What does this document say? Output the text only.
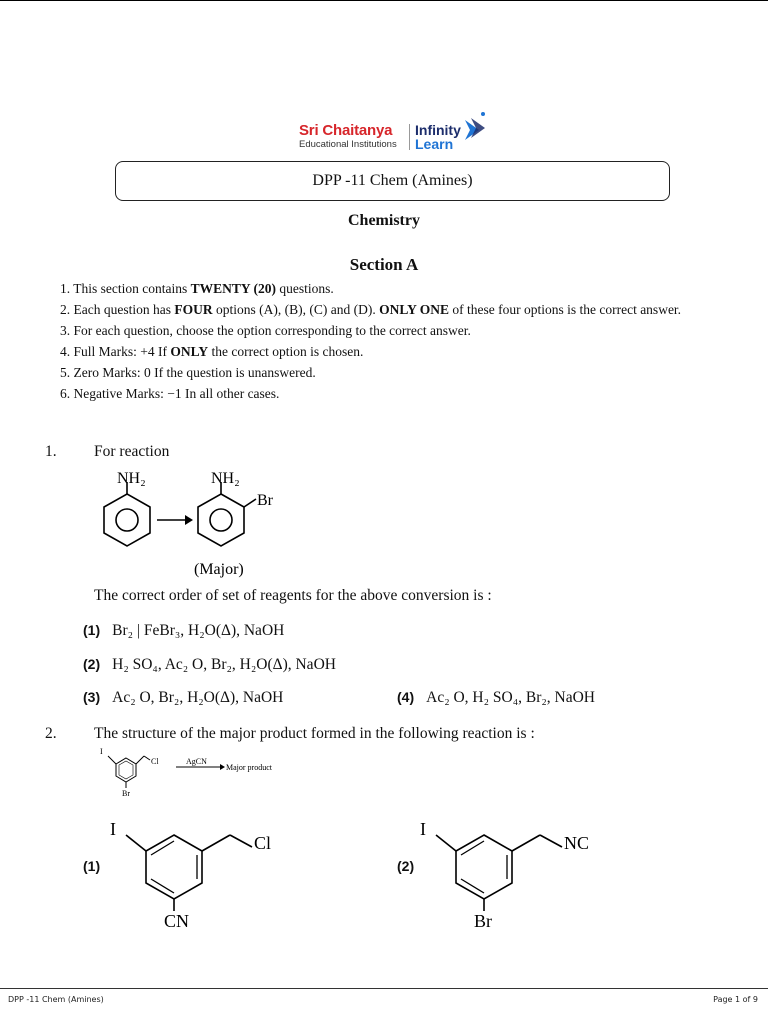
Sri Chaitanya
Educational Institutions
Infinity
Learn
DPP -11 Chem (Amines)
Chemistry
Section A
1. This section contains TWENTY (20) questions.
2. Each question has FOUR options (A), (B), (C) and (D). ONLY ONE of these four options is the correct answer.
3. For each question, choose the option corresponding to the correct answer.
4. Full Marks: +4 If ONLY the correct option is chosen.
5. Zero Marks: 0 If the question is unanswered.
6. Negative Marks: −1 In all other cases.
1. For reaction
NH₂	NH₂
Br
(Major)
The correct order of set of reagents for the above conversion is :
(1) Br₂ | FeBr₃, H₂O(Δ), NaOH
(2) H₂ SO₄, Ac₂ O, Br₂, H₂O(Δ), NaOH
(3) Ac₂ O, Br₂, H₂O(Δ), NaOH	(4) Ac₂ O, H₂ SO₄, Br₂, NaOH
2. The structure of the major product formed in the following reaction is :
I
Cl
Br
AgCN
Major product
(1)
I
Cl
CN
(2)
I
NC
Br
DPP -11 Chem (Amines)	Page 1 of 9
